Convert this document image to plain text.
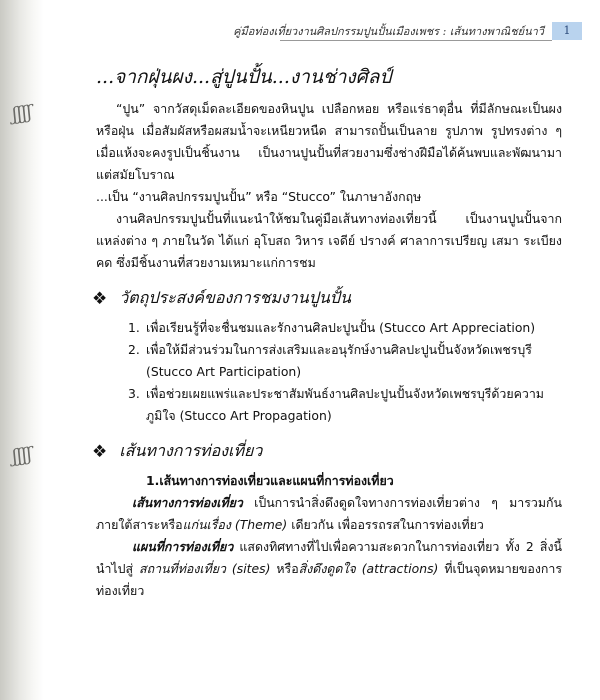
ʃʃʃʃ
ʃʃʃʃ
คู่มือท่องเที่ยวงานศิลปกรรมปูนปั้นเมืองเพชร : เส้นทางพาณิชย์นาวี	1
...จากฝุ่นผง...สู่ปูนปั้น...งานช่างศิลป์

“ปูน” จากวัสดุเม็ดละเอียดของหินปูน เปลือกหอย หรือแร่ธาตุอื่น ที่มีลักษณะเป็นผงหรือฝุ่น เมื่อสัมผัสหรือผสมน้ำจะเหนียวหนืด สามารถปั้นเป็นลาย รูปภาพ รูปทรงต่าง ๆ เมื่อแห้งจะคงรูปเป็นชิ้นงาน เป็นงานปูนปั้นที่สวยงามซึ่งช่างฝีมือได้ค้นพบและพัฒนามาแต่สมัยโบราณ

...เป็น “งานศิลปกรรมปูนปั้น” หรือ “Stucco” ในภาษาอังกฤษ

งานศิลปกรรมปูนปั้นที่แนะนำให้ชมในคู่มือเส้นทางท่องเที่ยวนี้ เป็นงานปูนปั้นจากแหล่งต่าง ๆ ภายในวัด ได้แก่ อุโบสถ วิหาร เจดีย์ ปรางค์ ศาลาการเปรียญ เสมา ระเบียงคด ซึ่งมีชิ้นงานที่สวยงามเหมาะแก่การชม

❖ วัตถุประสงค์ของการชมงานปูนปั้น
1. เพื่อเรียนรู้ที่จะชื่นชมและรักงานศิลปะปูนปั้น (Stucco Art Appreciation)
2. เพื่อให้มีส่วนร่วมในการส่งเสริมและอนุรักษ์งานศิลปะปูนปั้นจังหวัดเพชรบุรี (Stucco Art Participation)
3. เพื่อช่วยเผยแพร่และประชาสัมพันธ์งานศิลปะปูนปั้นจังหวัดเพชรบุรีด้วยความภูมิใจ (Stucco Art Propagation)
❖ เส้นทางการท่องเที่ยว
1.เส้นทางการท่องเที่ยวและแผนที่การท่องเที่ยว

เส้นทางการท่องเที่ยว เป็นการนำสิ่งดึงดูดใจทางการท่องเที่ยวต่าง ๆ มารวมกันภายใต้สาระหรือแก่นเรื่อง (Theme) เดียวกัน เพื่ออรรถรสในการท่องเที่ยว

แผนที่การท่องเที่ยว แสดงทิศทางที่ไปเพื่อความสะดวกในการท่องเที่ยว ทั้ง 2 สิ่งนี้นำไปสู่ สถานที่ท่องเที่ยว (sites) หรือสิ่งดึงดูดใจ (attractions) ที่เป็นจุดหมายของการท่องเที่ยว
